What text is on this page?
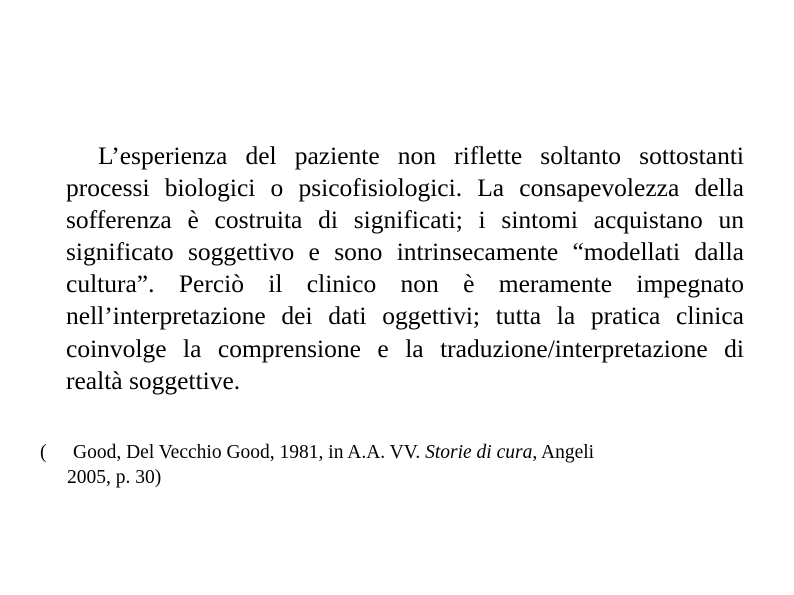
L’esperienza del paziente non riflette soltanto sottostanti processi biologici o psicofisiologici. La consapevolezza della sofferenza è costruita di significati; i sintomi acquistano un significato soggettivo e sono intrinsecamente “modellati dalla cultura”. Perciò il clinico non è meramente impegnato nell’interpretazione dei dati oggettivi; tutta la pratica clinica coinvolge la comprensione e la traduzione/interpretazione di realtà soggettive.

(	Good, Del Vecchio Good, 1981, in A.A. VV. Storie di cura, Angeli
2005, p. 30)
